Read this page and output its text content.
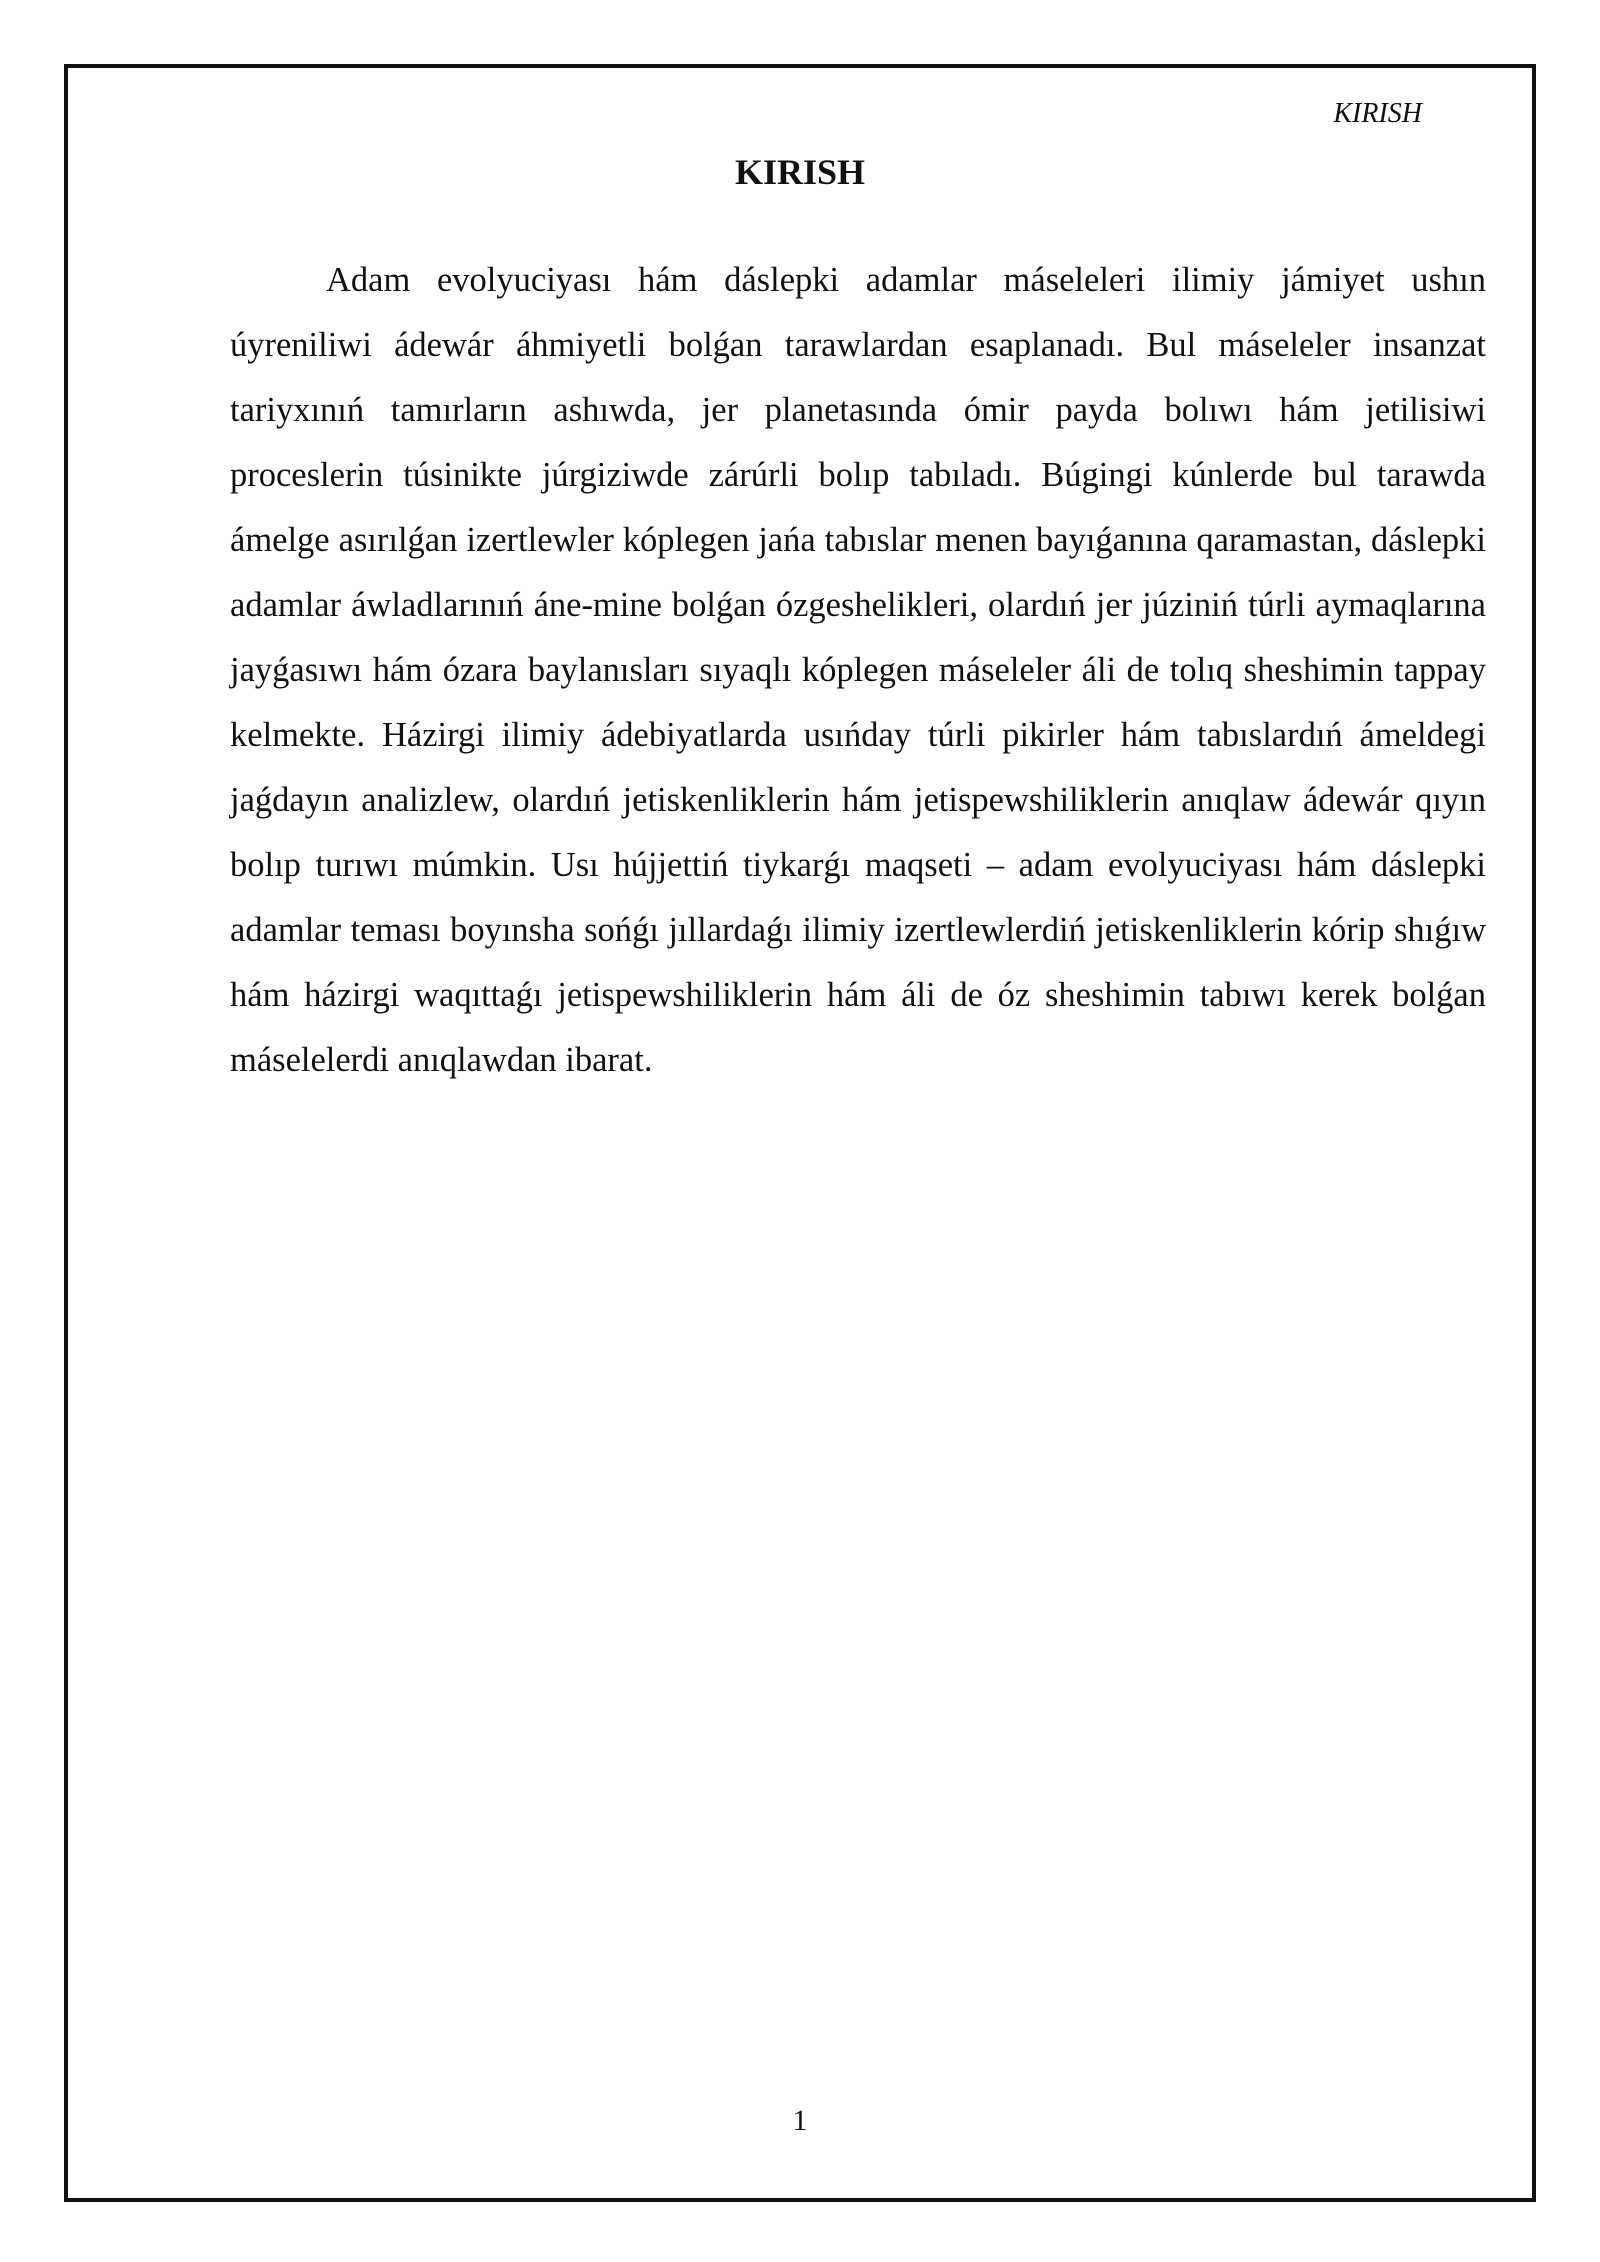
KIRISH
KIRISH

Adam evolyuciyası hám dáslepki adamlar máseleleri ilimiy jámiyet ushın úyreniliwi ádewár áhmiyetli bolǵan tarawlardan esaplanadı. Bul máseleler insanzat tariyxınıń tamırların ashıwda, jer planetasında ómir payda bolıwı hám jetilisiwi proceslerin túsinikte júrgiziwde zárúrli bolıp tabıladı. Búgingi kúnlerde bul tarawda ámelge asırılǵan izertlewler kóplegen jańa tabıslar menen bayıǵanına qaramastan, dáslepki adamlar áwladlarınıń áne-mine bolǵan ózgeshelikleri, olardıń jer júziniń túrli aymaqlarına jayǵasıwı hám ózara baylanısları sıyaqlı kóplegen máseleler áli de tolıq sheshimin tappay kelmekte. Házirgi ilimiy ádebiyatlarda usıńday túrli pikirler hám tabıslardıń ámeldegi jaǵdayın analizlew, olardıń jetiskenliklerin hám jetispewshiliklerin anıqlaw ádewár qıyın bolıp turıwı múmkin. Usı hújjettiń tiykarǵı maqseti – adam evolyuciyası hám dáslepki adamlar teması boyınsha sońǵı jıllardaǵı ilimiy izertlewlerdiń jetiskenliklerin kórip shıǵıw hám házirgi waqıttaǵı jetispewshiliklerin hám áli de óz sheshimin tabıwı kerek bolǵan máselelerdi anıqlawdan ibarat.

1
